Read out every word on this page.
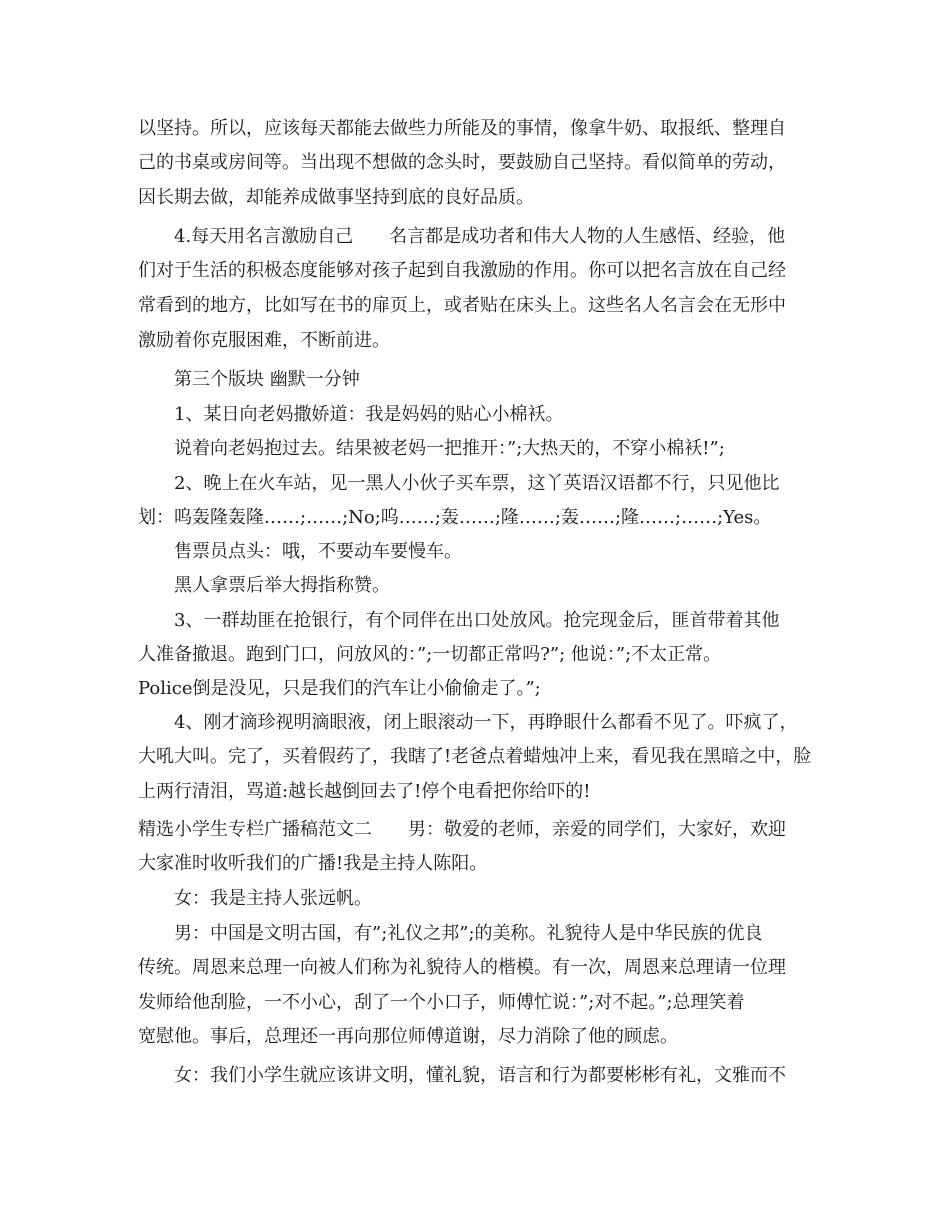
以坚持。所以，应该每天都能去做些力所能及的事情，像拿牛奶、取报纸、整理自
己的书桌或房间等。当出现不想做的念头时，要鼓励自己坚持。看似简单的劳动，
因长期去做，却能养成做事坚持到底的良好品质。
4.每天用名言激励自己　　名言都是成功者和伟大人物的人生感悟、经验，他
们对于生活的积极态度能够对孩子起到自我激励的作用。你可以把名言放在自己经
常看到的地方，比如写在书的扉页上，或者贴在床头上。这些名人名言会在无形中
激励着你克服困难，不断前进。
第三个版块 幽默一分钟
1、某日向老妈撒娇道：我是妈妈的贴心小棉袄。
说着向老妈抱过去。结果被老妈一把推开：”;大热天的，不穿小棉袄!”;
2、晚上在火车站，见一黑人小伙子买车票，这丫英语汉语都不行，只见他比
划：呜轰隆轰隆……;……;No;呜……;轰……;隆……;轰……;隆……;……;Yes。
售票员点头：哦，不要动车要慢车。
黑人拿票后举大拇指称赞。
3、一群劫匪在抢银行，有个同伴在出口处放风。抢完现金后，匪首带着其他
人准备撤退。跑到门口，问放风的：”;一切都正常吗?”; 他说：”;不太正常。
Police倒是没见，只是我们的汽车让小偷偷走了。”;
4、刚才滴珍视明滴眼液，闭上眼滚动一下，再睁眼什么都看不见了。吓疯了，
大吼大叫。完了，买着假药了，我瞎了!老爸点着蜡烛冲上来，看见我在黑暗之中，脸
上两行清泪，骂道:越长越倒回去了!停个电看把你给吓的!
精选小学生专栏广播稿范文二　　男：敬爱的老师，亲爱的同学们，大家好，欢迎
大家准时收听我们的广播!我是主持人陈阳。
女：我是主持人张远帆。
男：中国是文明古国，有”;礼仪之邦”;的美称。礼貌待人是中华民族的优良
传统。周恩来总理一向被人们称为礼貌待人的楷模。有一次，周恩来总理请一位理
发师给他刮脸，一不小心，刮了一个小口子，师傅忙说：”;对不起。”;总理笑着
宽慰他。事后，总理还一再向那位师傅道谢，尽力消除了他的顾虑。
女：我们小学生就应该讲文明，懂礼貌，语言和行为都要彬彬有礼，文雅而不
